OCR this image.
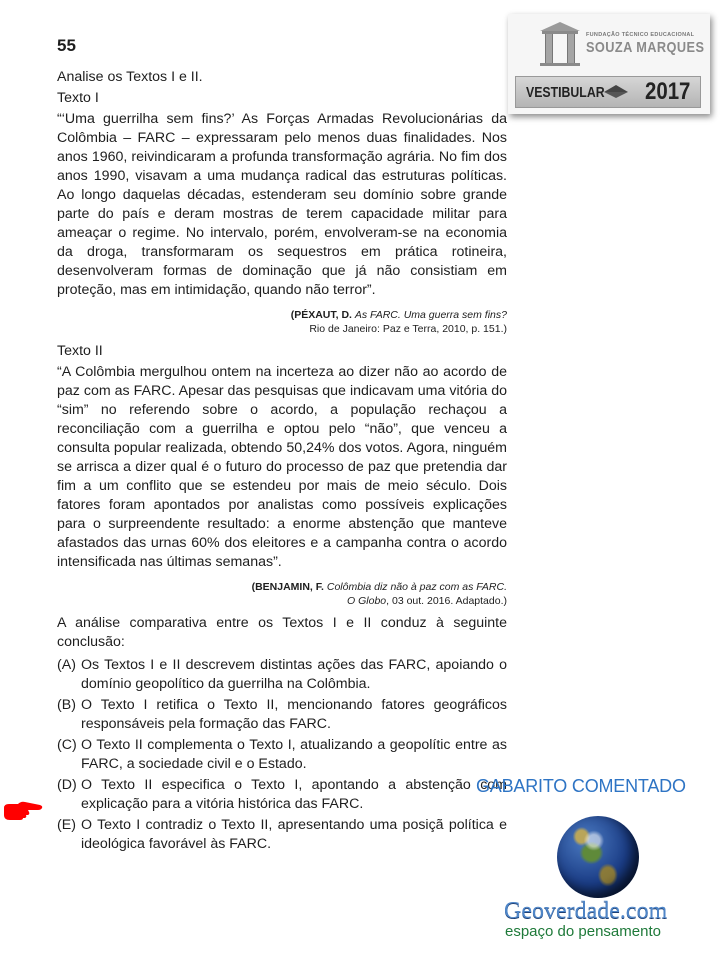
55

Analise os Textos I e II.

Texto I

“‘Uma guerrilha sem fins?’ As Forças Armadas Revolucionárias da Colômbia – FARC – expressaram pelo menos duas finalidades. Nos anos 1960, reivindicaram a profunda transformação agrária. No fim dos anos 1990, visavam a uma mudança radical das estruturas políticas. Ao longo daquelas décadas, estenderam seu domínio sobre grande parte do país e deram mostras de terem capacidade militar para ameaçar o regime. No intervalo, porém, envolveram-se na economia da droga, transformaram os sequestros em prática rotineira, desenvolveram formas de dominação que já não consistiam em proteção, mas em intimidação, quando não terror”.

(PÉXAUT, D. As FARC. Uma guerra sem fins?
Rio de Janeiro: Paz e Terra, 2010, p. 151.)

Texto II

“A Colômbia mergulhou ontem na incerteza ao dizer não ao acordo de paz com as FARC. Apesar das pesquisas que indicavam uma vitória do “sim” no referendo sobre o acordo, a população rechaçou a reconciliação com a guerrilha e optou pelo “não”, que venceu a consulta popular realizada, obtendo 50,24% dos votos. Agora, ninguém se arrisca a dizer qual é o futuro do processo de paz que pretendia dar fim a um conflito que se estendeu por mais de meio século. Dois fatores foram apontados por analistas como possíveis explicações para o surpreendente resultado: a enorme abstenção que manteve afastados das urnas 60% dos eleitores e a campanha contra o acordo intensificada nas últimas semanas”.

(BENJAMIN, F. Colômbia diz não à paz com as FARC.
O Globo, 03 out. 2016. Adaptado.)

A análise comparativa entre os Textos I e II conduz à seguinte conclusão:

(A) Os Textos I e II descrevem distintas ações das FARC, apoiando o domínio geopolítico da guerrilha na Colômbia.
(B) O Texto I retifica o Texto II, mencionando fatores geográficos responsáveis pela formação das FARC.
(C) O Texto II complementa o Texto I, atualizando a geopolític entre as FARC, a sociedade civil e o Estado.
(D) O Texto II especifica o Texto I, apontando a abstenção com explicação para a vitória histórica das FARC.
(E) O Texto I contradiz o Texto II, apresentando uma posiçã política e ideológica favorável às FARC.
FUNDAÇÃO TÉCNICO EDUCACIONAL
SOUZA MARQUES
VESTIBULAR 2017
GABARITO COMENTADO
Geoverdade.com
espaço do pensamento
